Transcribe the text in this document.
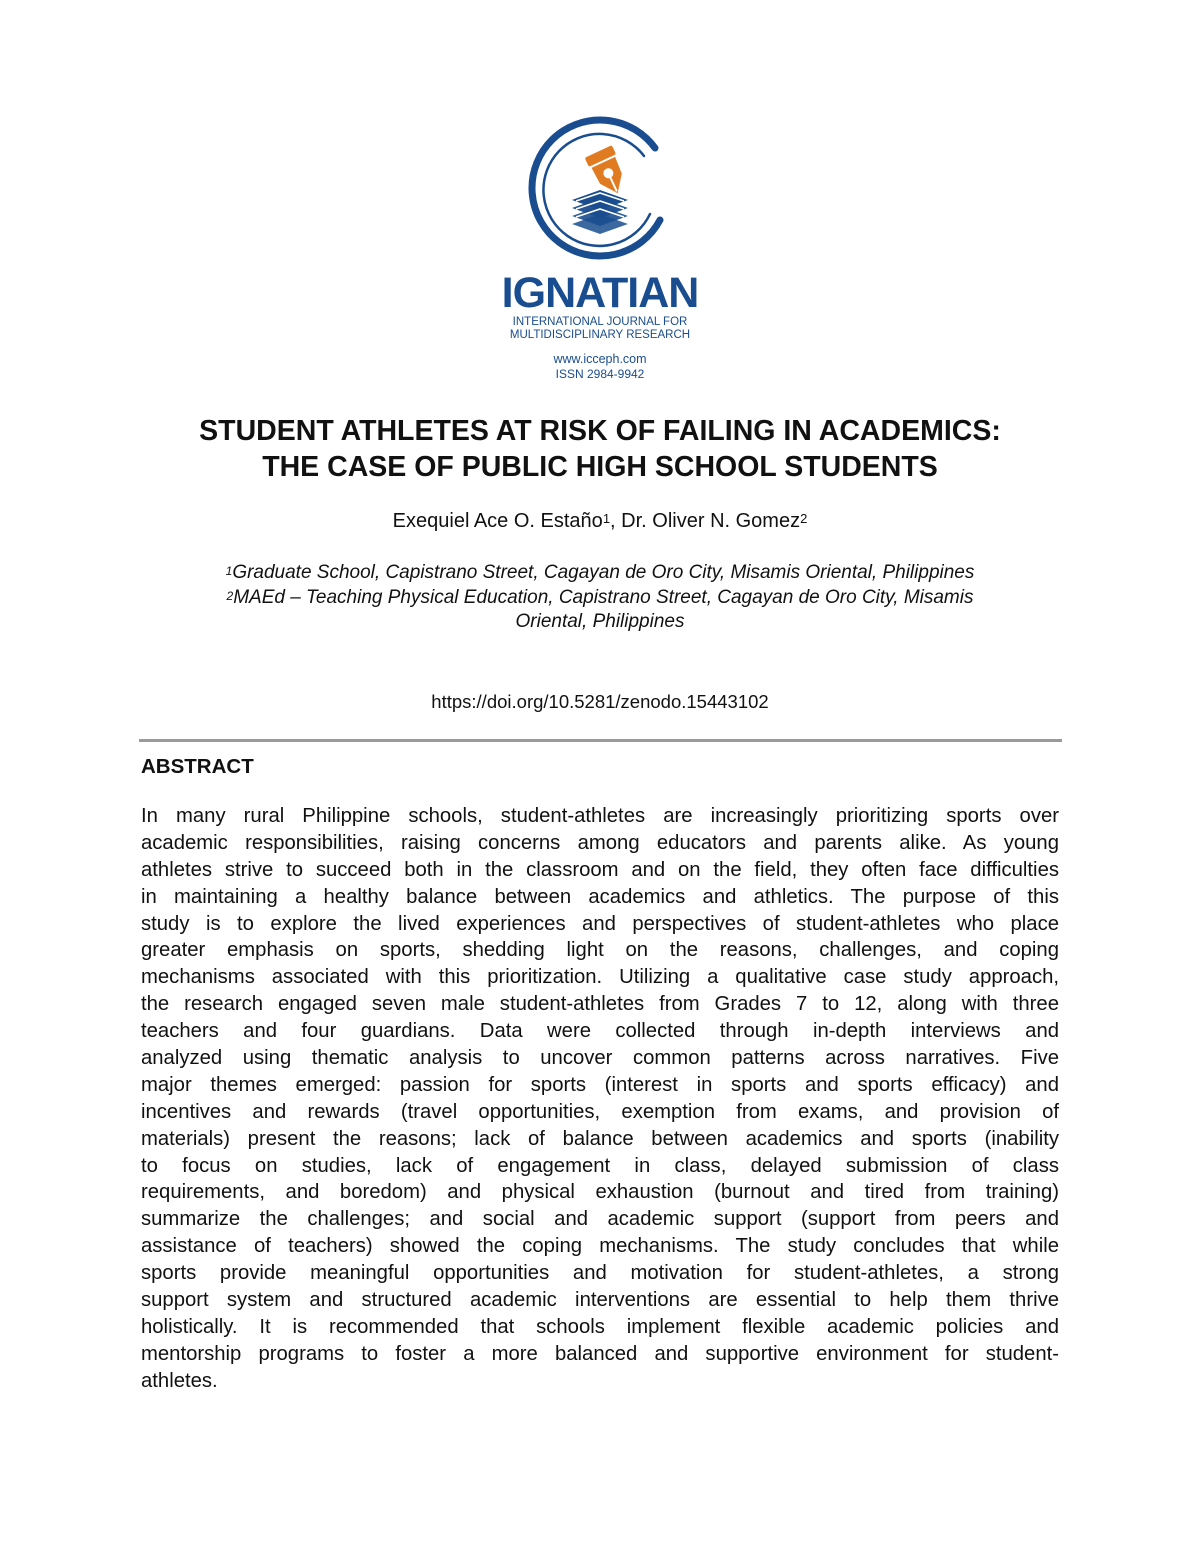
IGNATIAN
INTERNATIONAL JOURNAL FOR
MULTIDISCIPLINARY RESEARCH
www.icceph.com
ISSN 2984-9942
STUDENT ATHLETES AT RISK OF FAILING IN ACADEMICS:
THE CASE OF PUBLIC HIGH SCHOOL STUDENTS
Exequiel Ace O. Estaño$^1$, Dr. Oliver N. Gomez$^2$
$^1$Graduate School, Capistrano Street, Cagayan de Oro City, Misamis Oriental, Philippines
$^2$MAEd – Teaching Physical Education, Capistrano Street, Cagayan de Oro City, Misamis
Oriental, Philippines
https://doi.org/10.5281/zenodo.15443102
ABSTRACT
In many rural Philippine schools, student-athletes are increasingly prioritizing sports over
academic responsibilities, raising concerns among educators and parents alike. As young
athletes strive to succeed both in the classroom and on the field, they often face difficulties
in maintaining a healthy balance between academics and athletics. The purpose of this
study is to explore the lived experiences and perspectives of student-athletes who place
greater emphasis on sports, shedding light on the reasons, challenges, and coping
mechanisms associated with this prioritization. Utilizing a qualitative case study approach,
the research engaged seven male student-athletes from Grades 7 to 12, along with three
teachers and four guardians. Data were collected through in-depth interviews and
analyzed using thematic analysis to uncover common patterns across narratives. Five
major themes emerged: passion for sports (interest in sports and sports efficacy) and
incentives and rewards (travel opportunities, exemption from exams, and provision of
materials) present the reasons; lack of balance between academics and sports (inability
to focus on studies, lack of engagement in class, delayed submission of class
requirements, and boredom) and physical exhaustion (burnout and tired from training)
summarize the challenges; and social and academic support (support from peers and
assistance of teachers) showed the coping mechanisms. The study concludes that while
sports provide meaningful opportunities and motivation for student-athletes, a strong
support system and structured academic interventions are essential to help them thrive
holistically. It is recommended that schools implement flexible academic policies and
mentorship programs to foster a more balanced and supportive environment for student-
athletes.
